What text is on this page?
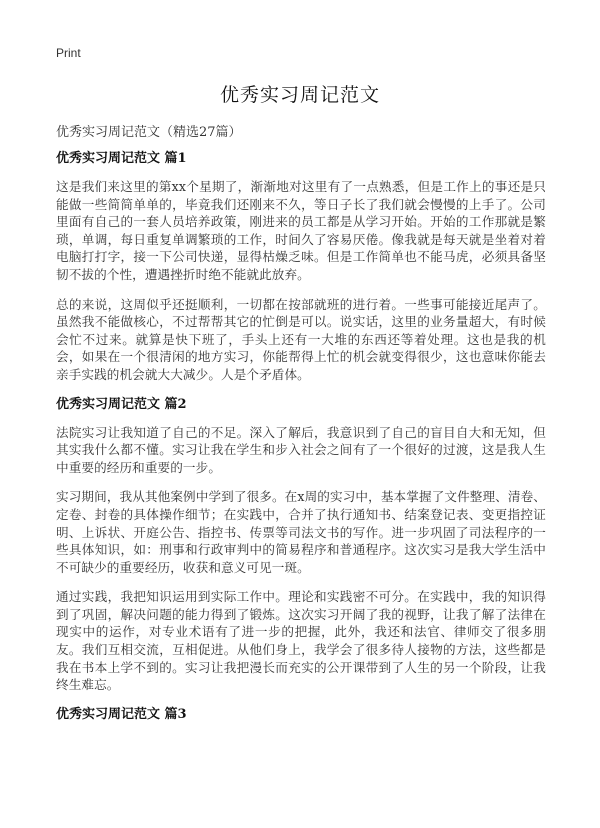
Print
优秀实习周记范文
优秀实习周记范文（精选27篇）
优秀实习周记范文 篇1

这是我们来这里的第xx个星期了，渐渐地对这里有了一点熟悉，但是工作上的事还是只能做一些简简单单的，毕竟我们还刚来不久，等日子长了我们就会慢慢的上手了。公司里面有自己的一套人员培养政策，刚进来的员工都是从学习开始。开始的工作那就是繁琐，单调，每日重复单调繁琐的工作，时间久了容易厌倦。像我就是每天就是坐着对着电脑打打字，接一下公司快递，显得枯燥乏味。但是工作简单也不能马虎，必须具备坚韧不拔的个性，遭遇挫折时绝不能就此放弃。

总的来说，这周似乎还挺顺利，一切都在按部就班的进行着。一些事可能接近尾声了。虽然我不能做核心，不过帮帮其它的忙倒是可以。说实话，这里的业务量超大，有时候会忙不过来。就算是快下班了，手头上还有一大堆的东西还等着处理。这也是我的机会，如果在一个很清闲的地方实习，你能帮得上忙的机会就变得很少，这也意味你能去亲手实践的机会就大大减少。人是个矛盾体。

优秀实习周记范文 篇2

法院实习让我知道了自己的不足。深入了解后，我意识到了自己的盲目自大和无知，但其实我什么都不懂。实习让我在学生和步入社会之间有了一个很好的过渡，这是我人生中重要的经历和重要的一步。

实习期间，我从其他案例中学到了很多。在x周的实习中，基本掌握了文件整理、清卷、定卷、封卷的具体操作细节；在实践中，合并了执行通知书、结案登记表、变更指控证明、上诉状、开庭公告、指控书、传票等司法文书的写作。进一步巩固了司法程序的一些具体知识，如：刑事和行政审判中的简易程序和普通程序。这次实习是我大学生活中不可缺少的重要经历，收获和意义可见一斑。

通过实践，我把知识运用到实际工作中。理论和实践密不可分。在实践中，我的知识得到了巩固，解决问题的能力得到了锻炼。这次实习开阔了我的视野，让我了解了法律在现实中的运作，对专业术语有了进一步的把握，此外，我还和法官、律师交了很多朋友。我们互相交流，互相促进。从他们身上，我学会了很多待人接物的方法，这些都是我在书本上学不到的。实习让我把漫长而充实的公开课带到了人生的另一个阶段，让我终生难忘。

优秀实习周记范文 篇3
